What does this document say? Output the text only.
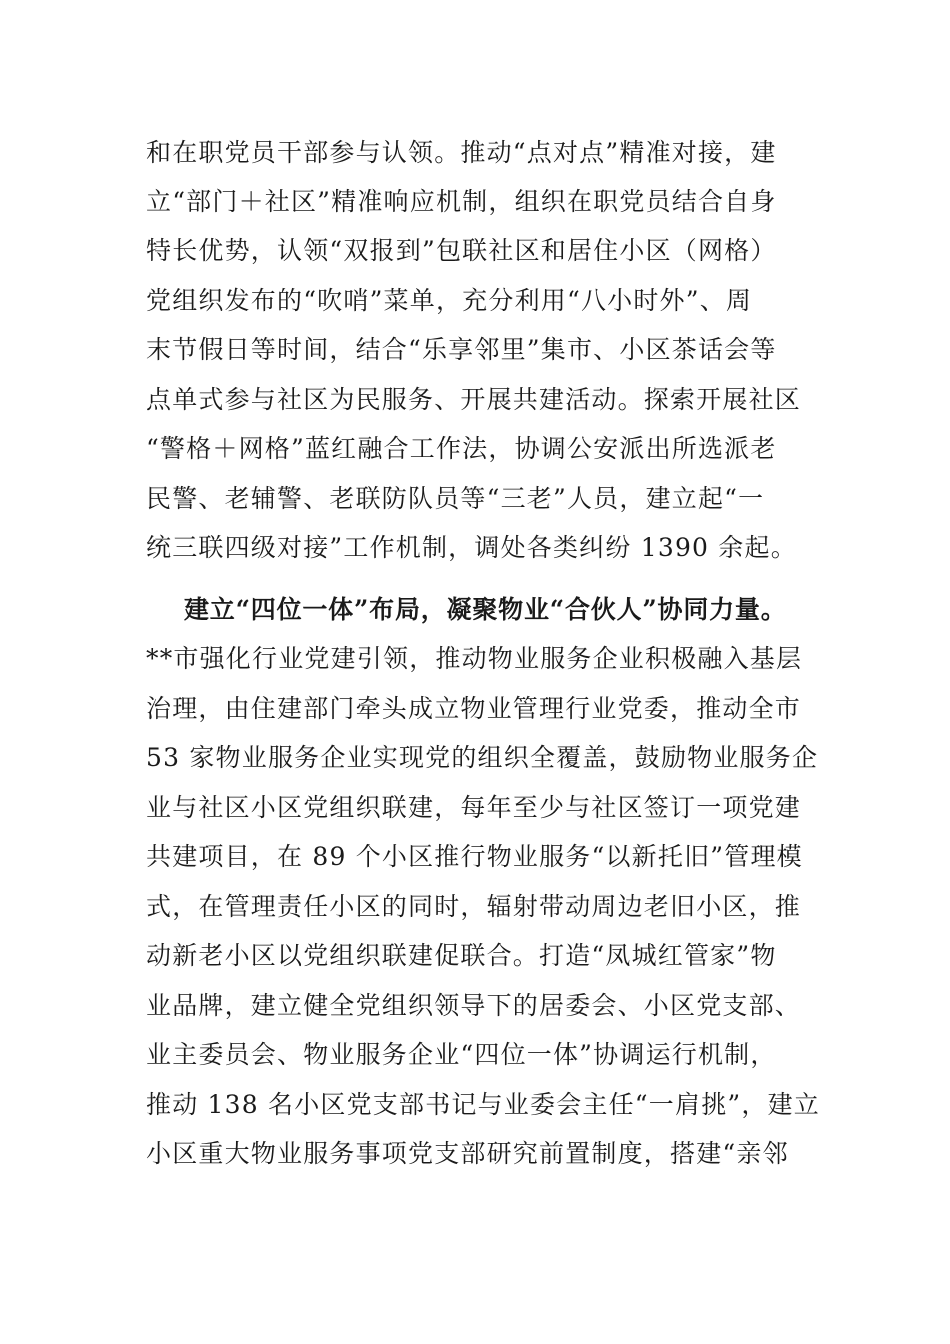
和在职党员干部参与认领。推动“点对点”精准对接，建
立“部门＋社区”精准响应机制，组织在职党员结合自身
特长优势，认领“双报到”包联社区和居住小区（网格）
党组织发布的“吹哨”菜单，充分利用“八小时外”、周
末节假日等时间，结合“乐享邻里”集市、小区茶话会等
点单式参与社区为民服务、开展共建活动。探索开展社区
“警格＋网格”蓝红融合工作法，协调公安派出所选派老
民警、老辅警、老联防队员等“三老”人员，建立起“一
统三联四级对接”工作机制，调处各类纠纷 1390 余起。
建立“四位一体”布局，凝聚物业“合伙人”协同力量。
**市强化行业党建引领，推动物业服务企业积极融入基层
治理，由住建部门牵头成立物业管理行业党委，推动全市
53 家物业服务企业实现党的组织全覆盖，鼓励物业服务企
业与社区小区党组织联建，每年至少与社区签订一项党建
共建项目，在 89 个小区推行物业服务“以新托旧”管理模
式，在管理责任小区的同时，辐射带动周边老旧小区，推
动新老小区以党组织联建促联合。打造“凤城红管家”物
业品牌，建立健全党组织领导下的居委会、小区党支部、
业主委员会、物业服务企业“四位一体”协调运行机制，
推动 138 名小区党支部书记与业委会主任“一肩挑”，建立
小区重大物业服务事项党支部研究前置制度，搭建“亲邻
